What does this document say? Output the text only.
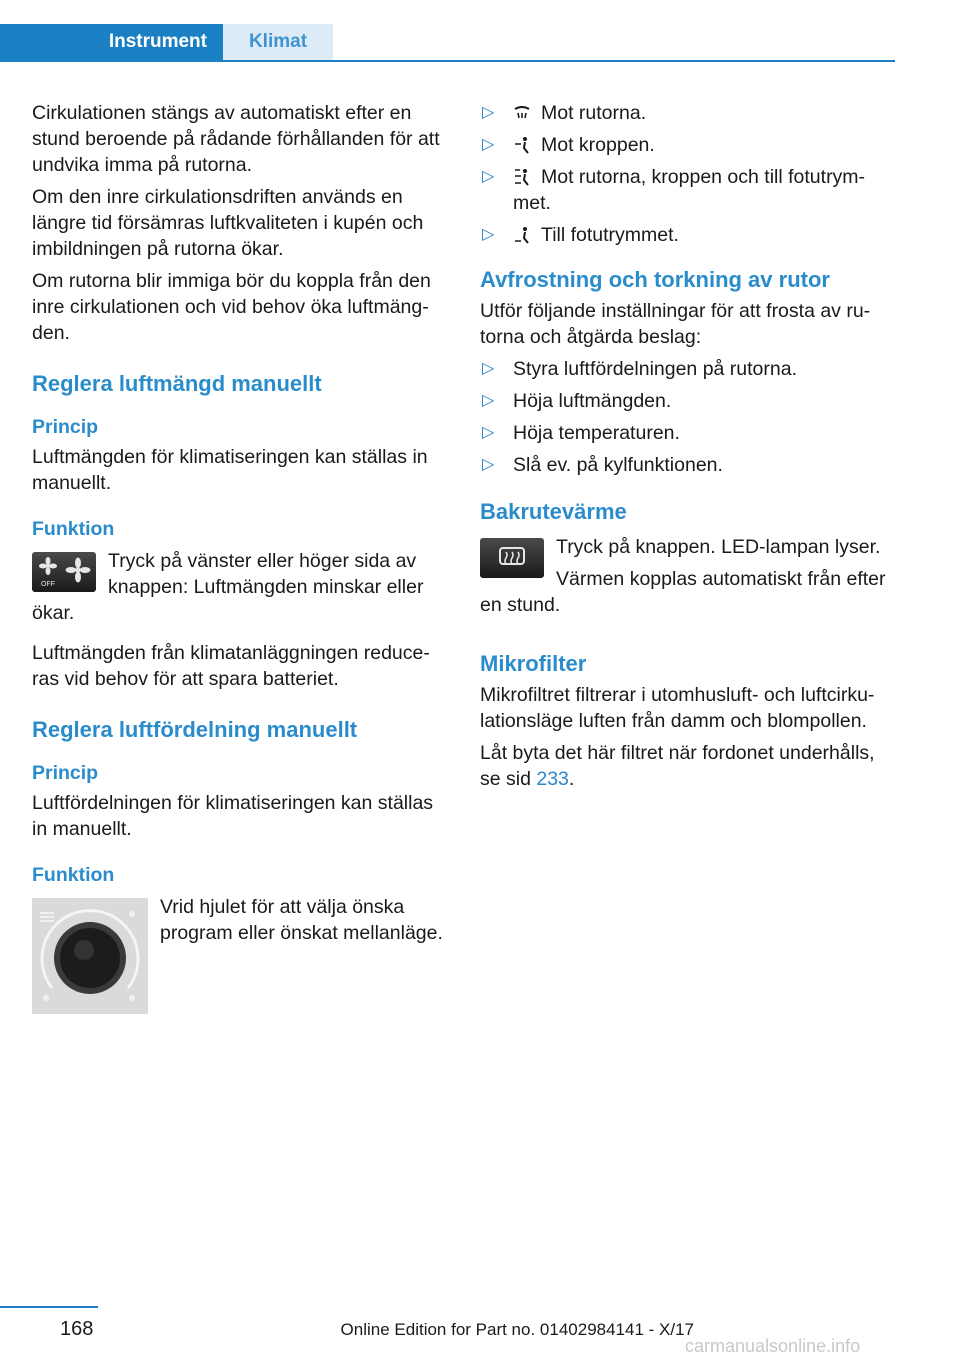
Instrument	Klimat

Cirkulationen stängs av automatiskt efter en stund beroende på rådande förhållanden för att undvika imma på rutorna.

Om den inre cirkulationsdriften används en längre tid försämras luftkvaliteten i kupén och imbildningen på rutorna ökar.

Om rutorna blir immiga bör du koppla från den inre cirkulationen och vid behov öka luftmäng-den.

Reglera luftmängd manuellt
Princip

Luftmängden för klimatiseringen kan ställas in manuellt.

Funktion
OFF

Tryck på vänster eller höger sida av knappen: Luftmängden minskar eller ökar.

Luftmängden från klimatanläggningen reduce-ras vid behov för att spara batteriet.

Reglera luftfördelning manuellt
Princip

Luftfördelningen för klimatiseringen kan ställas in manuellt.

Funktion

Vrid hjulet för att välja önska program eller önskat mellanläge.

▷ Mot rutorna.
▷ Mot kroppen.
▷ Mot rutorna, kroppen och till fotutrym-met.
▷ Till fotutrymmet.
Avfrostning och torkning av rutor

Utför följande inställningar för att frosta av ru-torna och åtgärda beslag:

▷ Styra luftfördelningen på rutorna.
▷ Höja luftmängden.
▷ Höja temperaturen.
▷ Slå ev. på kylfunktionen.
Bakrutevärme

Tryck på knappen. LED-lampan lyser.

Värmen kopplas automatiskt från efter en stund.

Mikrofilter

Mikrofiltret filtrerar i utomhusluft- och luftcirku-lationsläge luften från damm och blompollen.

Låt byta det här filtret när fordonet underhålls, se sid 233.

168	Online Edition for Part no. 01402984141 - X/17
carmanualsonline.info
